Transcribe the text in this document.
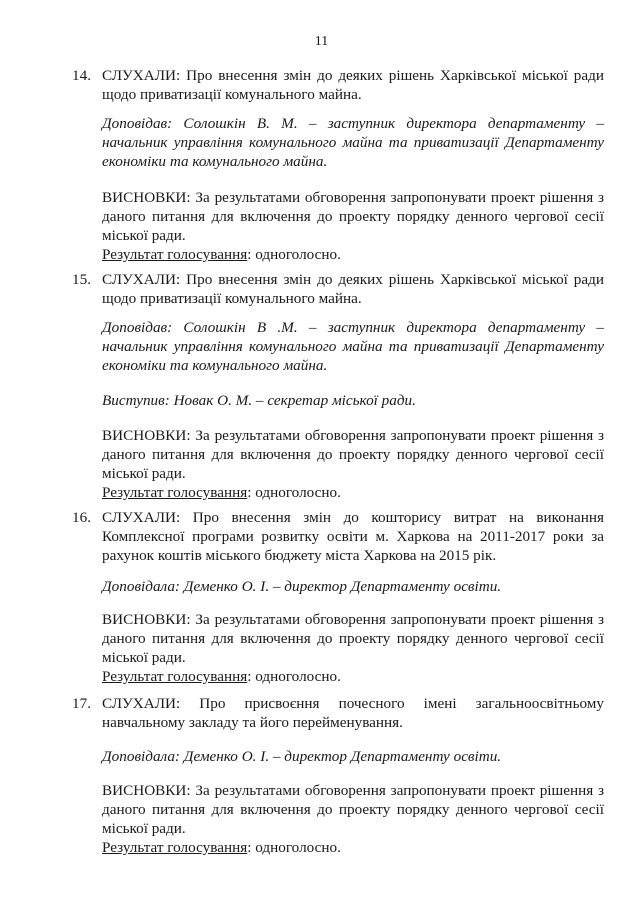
11
14. СЛУХАЛИ: Про внесення змін до деяких рішень Харківської міської ради щодо приватизації комунального майна.

Доповідав: Солошкін В. М. – заступник директора департаменту – начальник управління комунального майна та приватизації Департаменту економіки та комунального майна.

ВИСНОВКИ: За результатами обговорення запропонувати проект рішення з даного питання для включення до проекту порядку денного чергової сесії міської ради.

Результат голосування: одноголосно.

15. СЛУХАЛИ: Про внесення змін до деяких рішень Харківської міської ради щодо приватизації комунального майна.

Доповідав: Солошкін В .М. – заступник директора департаменту – начальник управління комунального майна та приватизації Департаменту економіки та комунального майна.

Виступив: Новак О. М. – секретар міської ради.

ВИСНОВКИ: За результатами обговорення запропонувати проект рішення з даного питання для включення до проекту порядку денного чергової сесії міської ради.

Результат голосування: одноголосно.

16. СЛУХАЛИ: Про внесення змін до кошторису витрат на виконання Комплексної програми розвитку освіти м. Харкова на 2011-2017 роки за рахунок коштів міського бюджету міста Харкова на 2015 рік.

Доповідала: Деменко О. І. – директор Департаменту освіти.

ВИСНОВКИ: За результатами обговорення запропонувати проект рішення з даного питання для включення до проекту порядку денного чергової сесії міської ради.

Результат голосування: одноголосно.

17. СЛУХАЛИ: Про присвоєння почесного імені загальноосвітньому навчальному закладу та його перейменування.

Доповідала: Деменко О. І. – директор Департаменту освіти.

ВИСНОВКИ: За результатами обговорення запропонувати проект рішення з даного питання для включення до проекту порядку денного чергової сесії міської ради.

Результат голосування: одноголосно.
